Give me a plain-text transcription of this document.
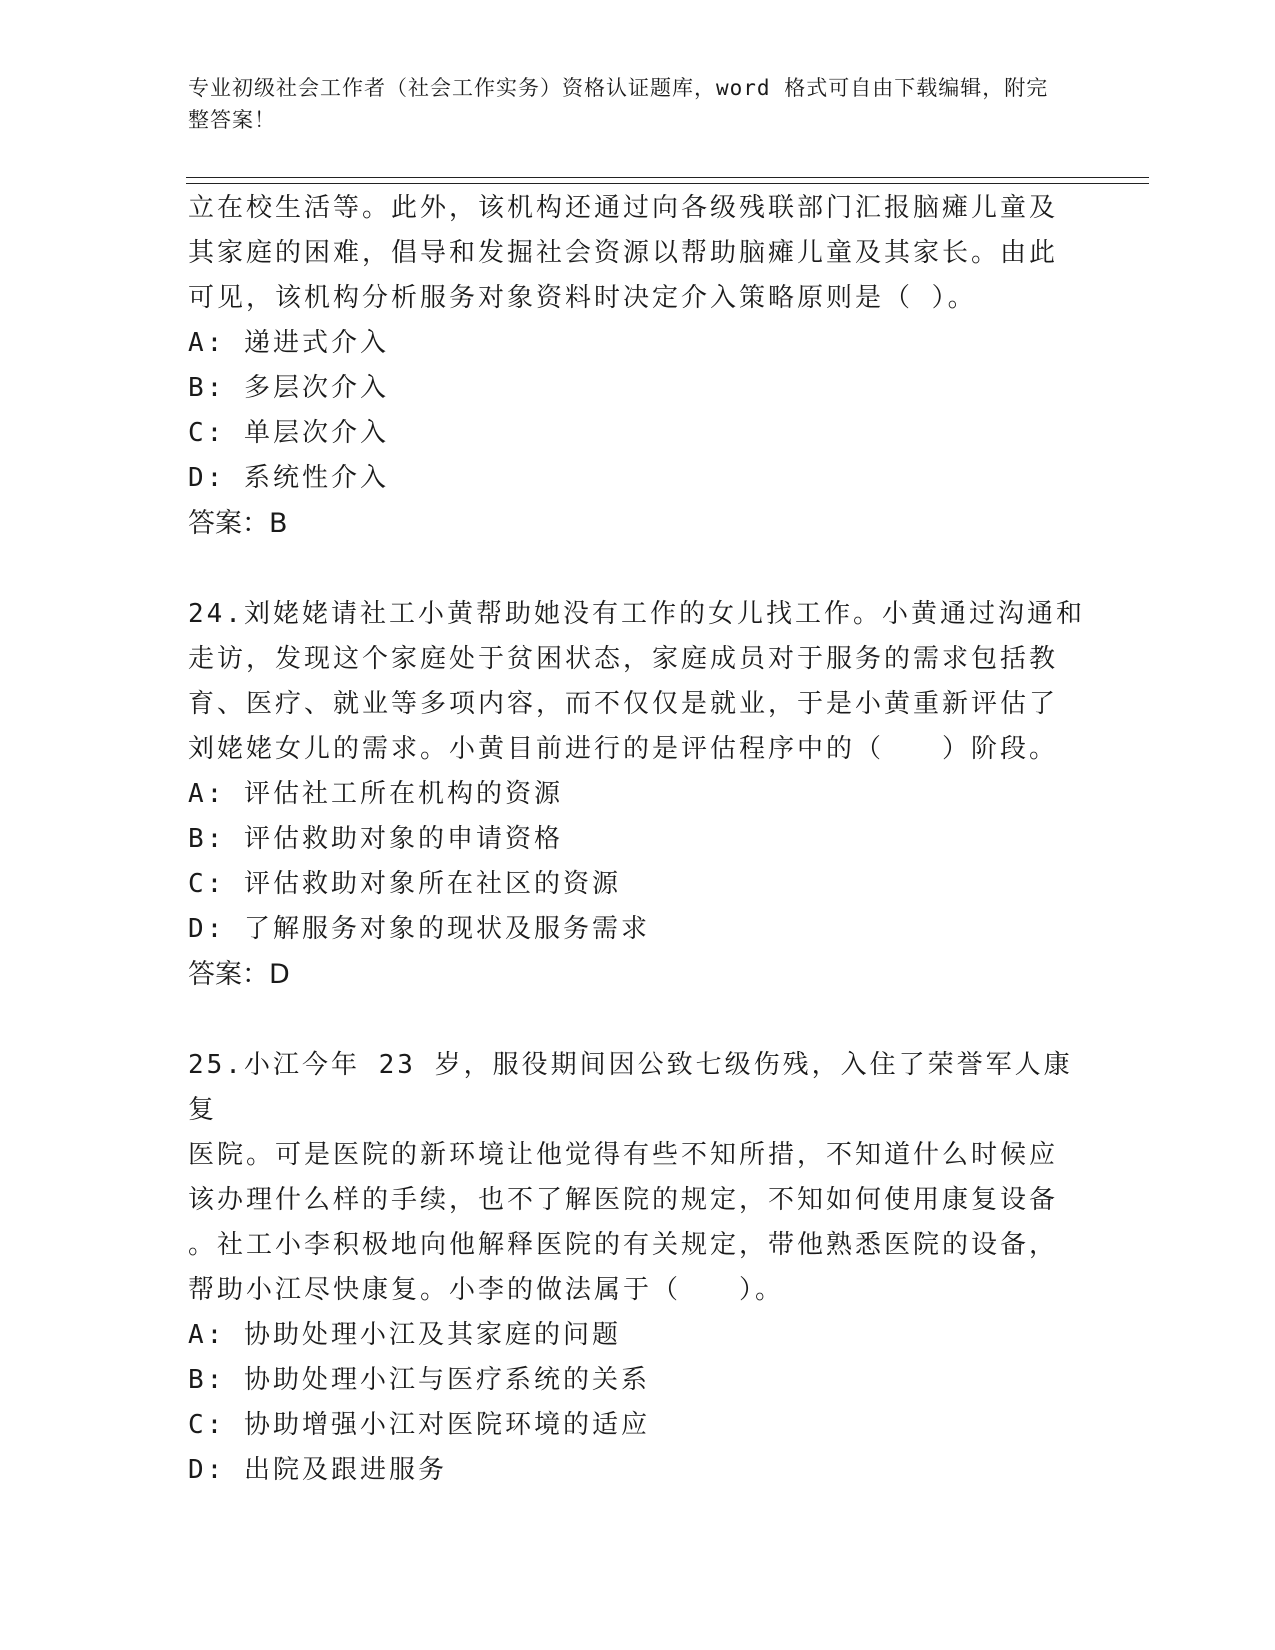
专业初级社会工作者（社会工作实务）资格认证题库，word 格式可自由下载编辑，附完整答案！

立在校生活等。此外，该机构还通过向各级残联部门汇报脑瘫儿童及

其家庭的困难，倡导和发掘社会资源以帮助脑瘫儿童及其家长。由此

可见，该机构分析服务对象资料时决定介入策略原则是（ ）。

A: 递进式介入

B: 多层次介入

C: 单层次介入

D: 系统性介入

答案：B

24.刘姥姥请社工小黄帮助她没有工作的女儿找工作。小黄通过沟通和

走访，发现这个家庭处于贫困状态，家庭成员对于服务的需求包括教

育、医疗、就业等多项内容，而不仅仅是就业，于是小黄重新评估了

刘姥姥女儿的需求。小黄目前进行的是评估程序中的（　　）阶段。

A: 评估社工所在机构的资源

B: 评估救助对象的申请资格

C: 评估救助对象所在社区的资源

D: 了解服务对象的现状及服务需求

答案：D

25.小江今年 23 岁，服役期间因公致七级伤残，入住了荣誉军人康复

医院。可是医院的新环境让他觉得有些不知所措，不知道什么时候应

该办理什么样的手续，也不了解医院的规定，不知如何使用康复设备

。社工小李积极地向他解释医院的有关规定，带他熟悉医院的设备，

帮助小江尽快康复。小李的做法属于（　　）。

A: 协助处理小江及其家庭的问题

B: 协助处理小江与医疗系统的关系

C: 协助增强小江对医院环境的适应

D: 出院及跟进服务
